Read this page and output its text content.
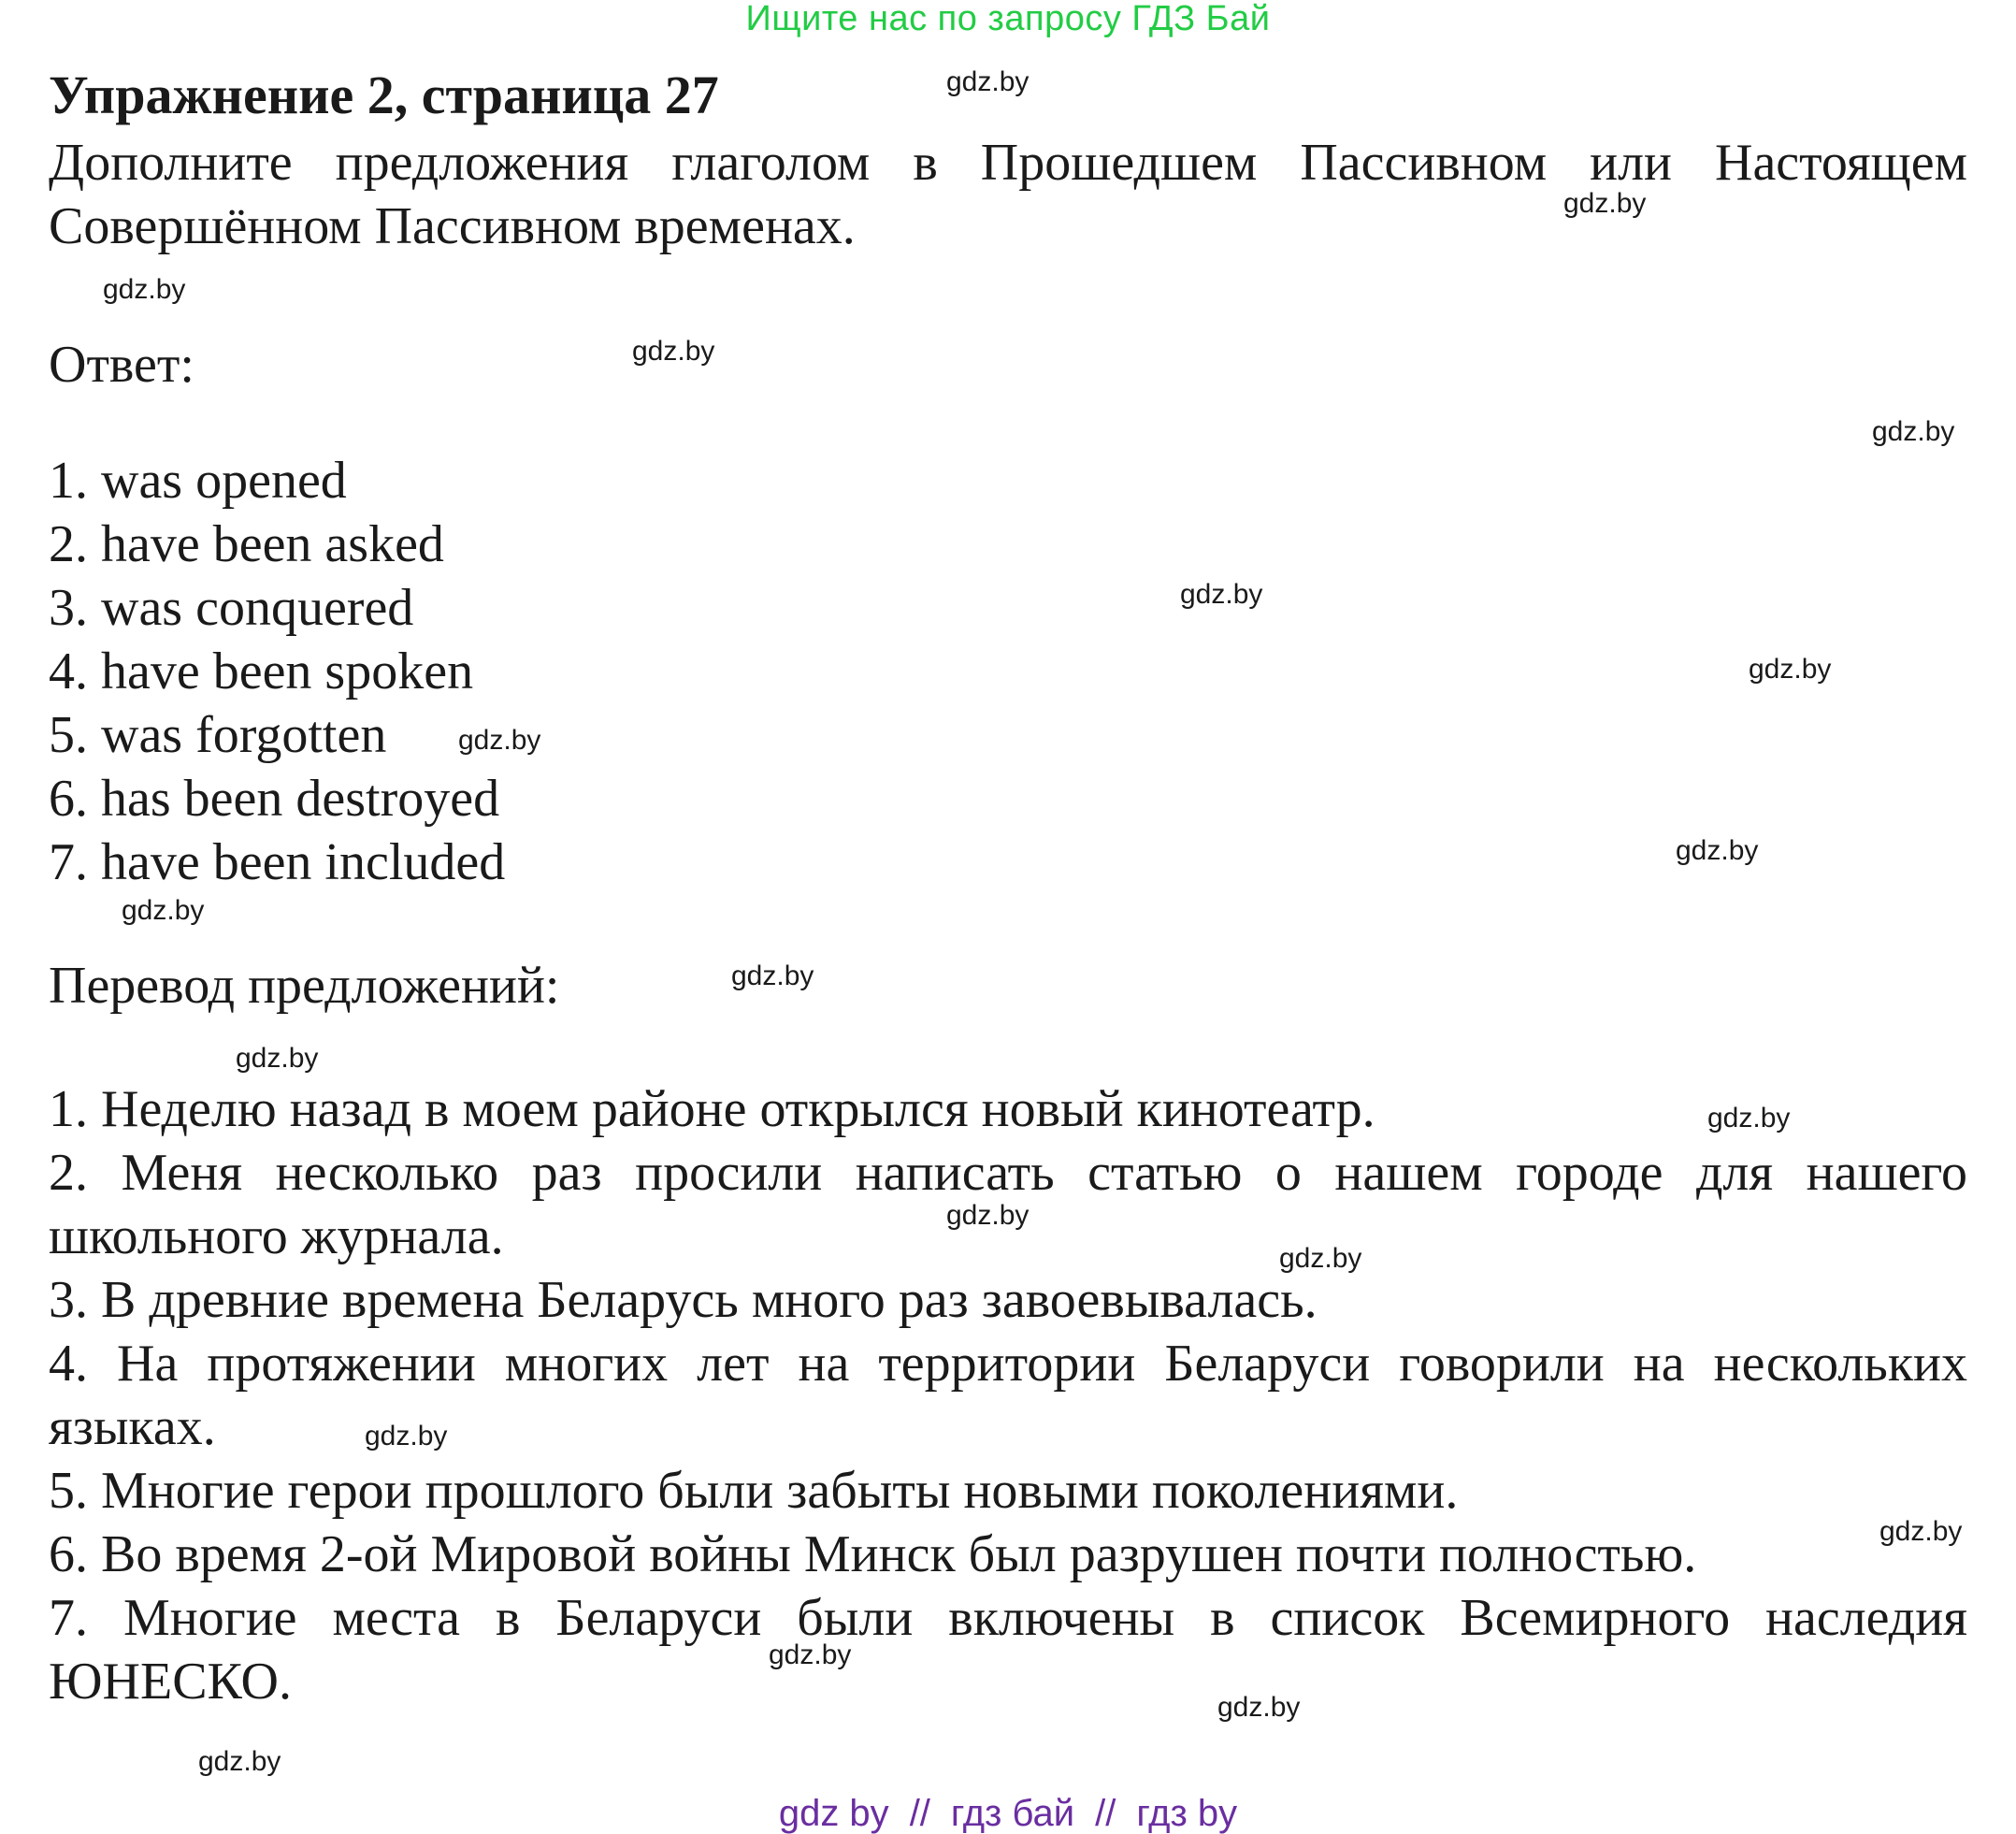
Ищите нас по запросу ГДЗ Бай
Упражнение 2, страница 27

Дополните предложения глаголом в Прошедшем Пассивном или Настоящем Совершённом Пассивном временах.

Ответ:
1. was opened
2. have been asked
3. was conquered
4. have been spoken
5. was forgotten
6. has been destroyed
7. have been included
Перевод предложений:
1. Неделю назад в моем районе открылся новый кинотеатр.
2. Меня несколько раз просили написать статью о нашем городе для нашего школьного журнала.
3. В древние времена Беларусь много раз завоевывалась.
4. На протяжении многих лет на территории Беларуси говорили на нескольких языках.
5. Многие герои прошлого были забыты новыми поколениями.
6. Во время 2-ой Мировой войны Минск был разрушен почти полностью.
7. Многие места в Беларуси были включены в список Всемирного наследия ЮНЕСКО.
gdz.by
gdz.by
gdz.by
gdz.by
gdz.by
gdz.by
gdz.by
gdz.by
gdz.by
gdz.by
gdz.by
gdz.by
gdz.by
gdz.by
gdz.by
gdz.by
gdz.by
gdz.by
gdz.by
gdz.by
gdz by // гдз бай // гдз by
